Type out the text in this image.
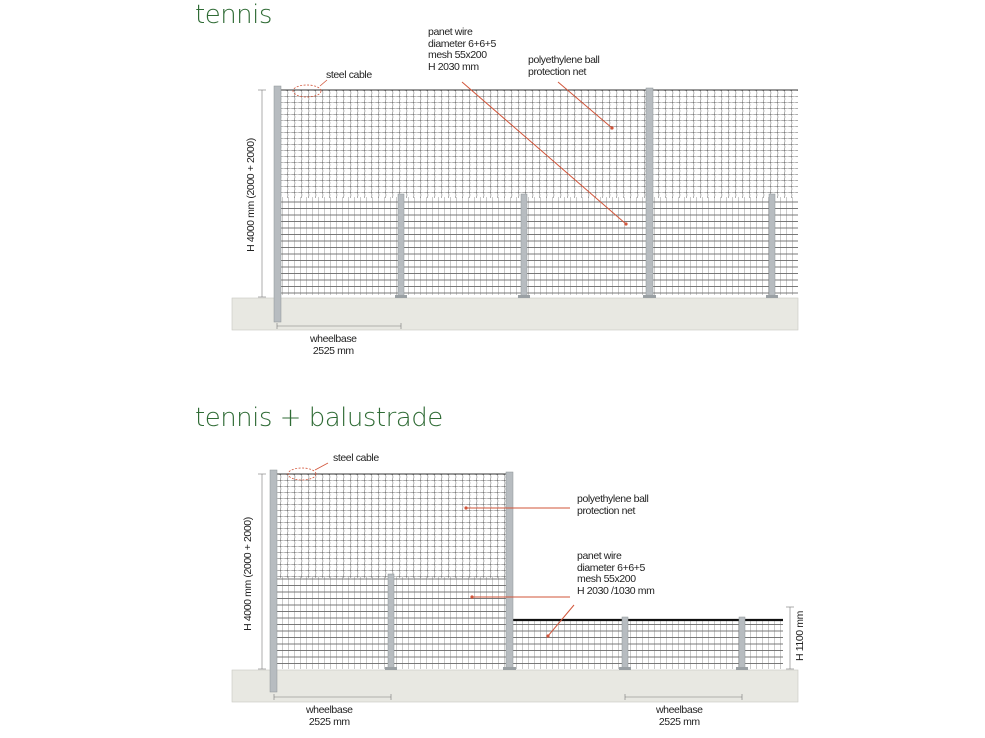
tennis
steel cable
panet wire
diameter 6+6+5
mesh 55x200
H 2030 mm
polyethylene ball
protection net
H 4000 mm (2000 + 2000)
wheelbase
2525 mm
tennis + balustrade
steel cable
polyethylene ball
protection net
panet wire
diameter 6+6+5
mesh 55x200
H 2030 /1030 mm
H 4000 mm (2000 + 2000)
H 1100 mm
wheelbase
2525 mm
wheelbase
2525 mm
